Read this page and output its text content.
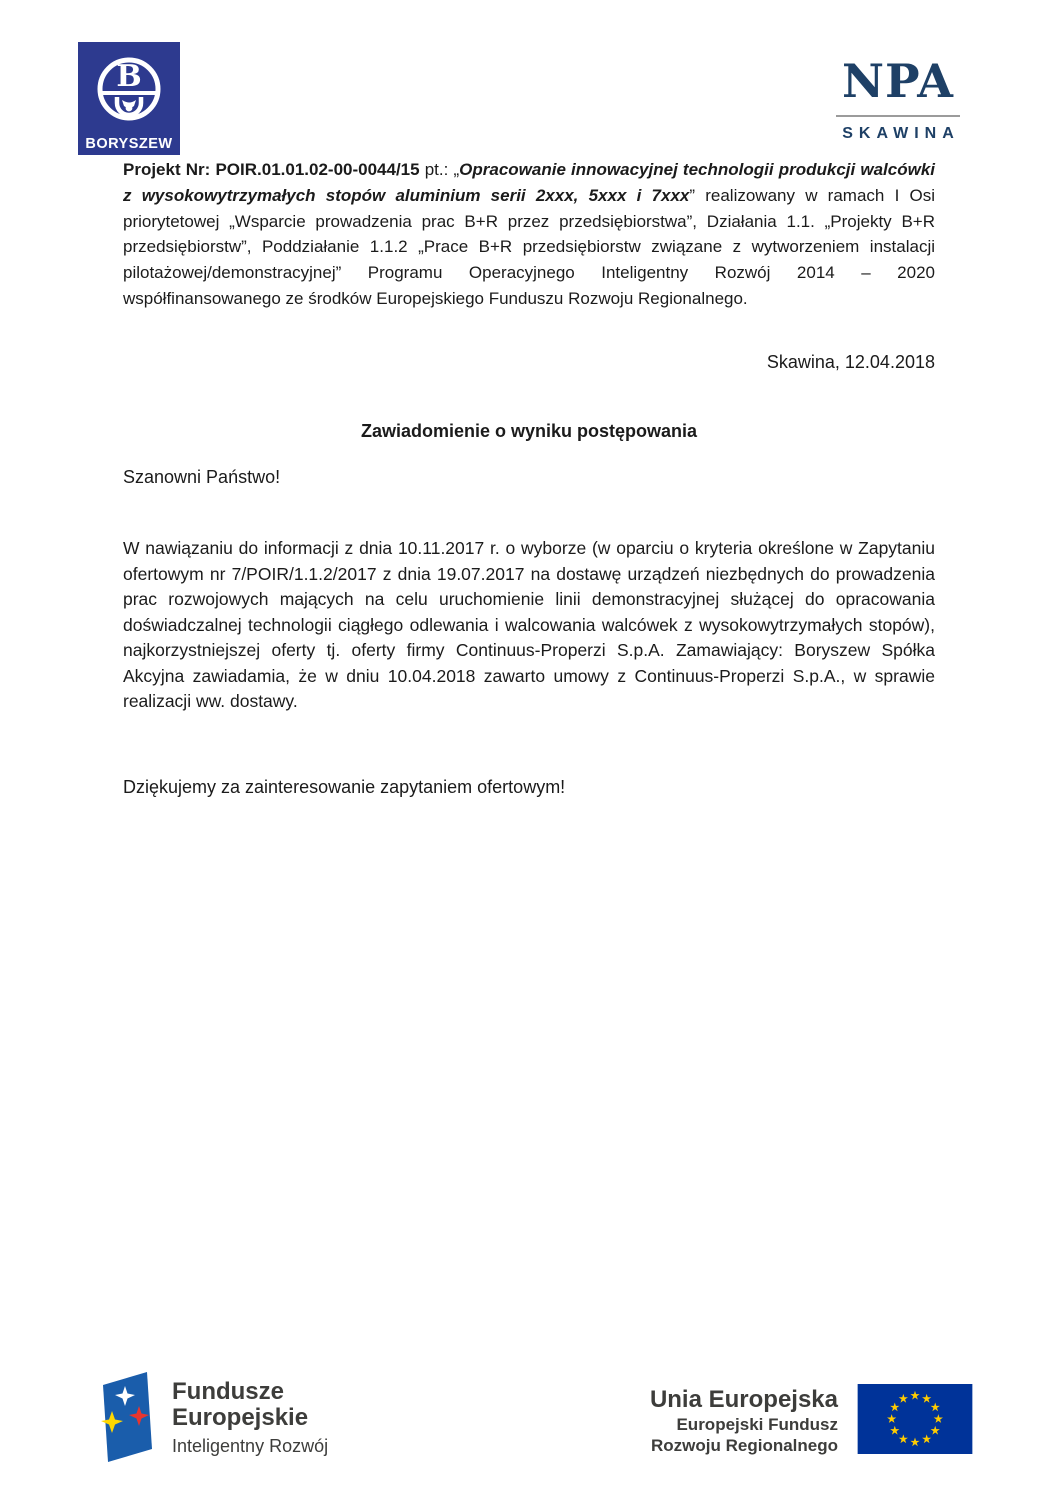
B
BORYSZEW
NPA
SKAWINA

Projekt Nr: POIR.01.01.02-00-0044/15 pt.: „Opracowanie innowacyjnej technologii produkcji walcówki z wysokowytrzymałych stopów aluminium serii 2xxx, 5xxx i 7xxx” realizowany w ramach I Osi priorytetowej „Wsparcie prowadzenia prac B+R przez przedsiębiorstwa”, Działania 1.1. „Projekty B+R przedsiębiorstw”, Poddziałanie 1.1.2 „Prace B+R przedsiębiorstw związane z wytworzeniem instalacji pilotażowej/demonstracyjnej” Programu Operacyjnego Inteligentny Rozwój 2014 – 2020 współfinansowanego ze środków Europejskiego Funduszu Rozwoju Regionalnego.

Skawina, 12.04.2018
Zawiadomienie o wyniku postępowania
Szanowni Państwo!

W nawiązaniu do informacji z dnia 10.11.2017 r. o wyborze (w oparciu o kryteria określone w Zapytaniu ofertowym nr 7/POIR/1.1.2/2017 z dnia 19.07.2017 na dostawę urządzeń niezbędnych do prowadzenia prac rozwojowych mających na celu uruchomienie linii demonstracyjnej służącej do opracowania doświadczalnej technologii ciągłego odlewania i walcowania walcówek z wysokowytrzymałych stopów), najkorzystniejszej oferty tj. oferty firmy Continuus-Properzi S.p.A. Zamawiający: Boryszew Spółka Akcyjna zawiadamia, że w dniu 10.04.2018 zawarto umowy z Continuus-Properzi S.p.A., w sprawie realizacji ww. dostawy.

Dziękujemy za zainteresowanie zapytaniem ofertowym!
Fundusze
Europejskie
Inteligentny Rozwój
Unia Europejska
Europejski Fundusz
Rozwoju Regionalnego
